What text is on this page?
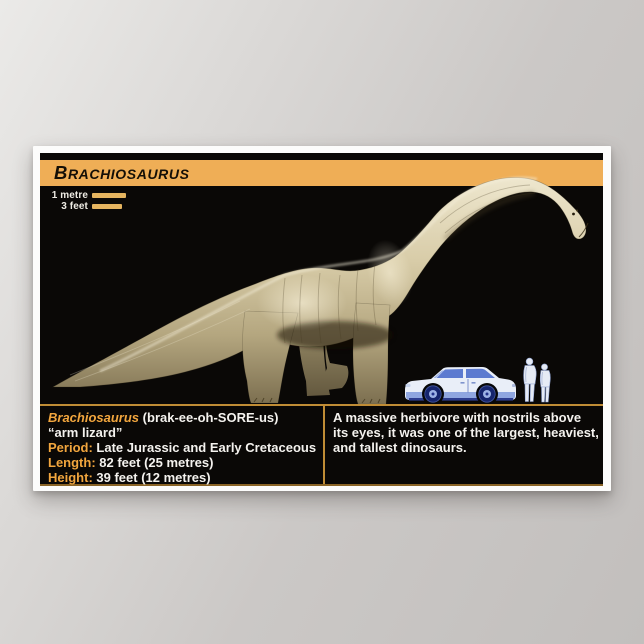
BRACHIOSAURUS
1 metre
3 feet
Brachiosaurus (brak-ee-oh-SORE-us)
“arm lizard”
Period: Late Jurassic and Early Cretaceous
Length: 82 feet (25 metres)
Height: 39 feet (12 metres)
A massive herbivore with nostrils above
its eyes, it was one of the largest, heaviest,
and tallest dinosaurs.
